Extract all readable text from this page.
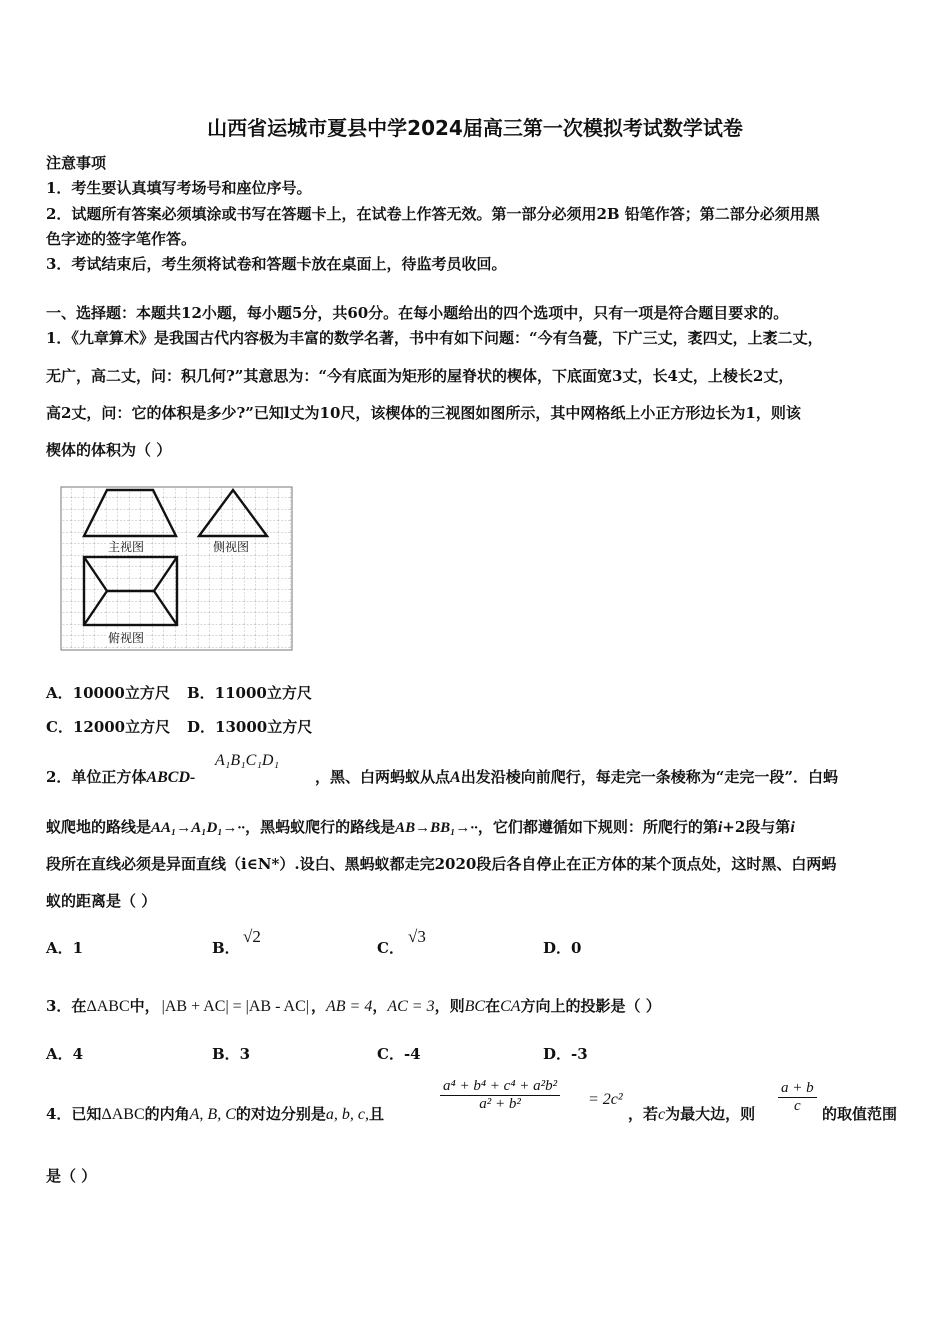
山西省运城市夏县中学2024届高三第一次模拟考试数学试卷
注意事项
1．考生要认真填写考场号和座位序号。
2．试题所有答案必须填涂或书写在答题卡上，在试卷上作答无效。第一部分必须用2B 铅笔作答；第二部分必须用黑
色字迹的签字笔作答。
3．考试结束后，考生须将试卷和答题卡放在桌面上，待监考员收回。
一、选择题：本题共12小题，每小题5分，共60分。在每小题给出的四个选项中，只有一项是符合题目要求的。
1．《九章算术》是我国古代内容极为丰富的数学名著，书中有如下问题：“今有刍甍，下广三丈，袤四丈，上袤二丈，
无广，高二丈，问：积几何?”其意思为：“今有底面为矩形的屋脊状的楔体，下底面宽3丈，长4丈，上棱长2丈，
高2丈，问：它的体积是多少?”已知l丈为10尺，该楔体的三视图如图所示，其中网格纸上小正方形边长为1，则该
楔体的体积为（ ）
主视图	侧视图
俯视图
A．10000立方尺 B．11000立方尺
C．12000立方尺 D．13000立方尺
2．单位正方体ABCD-
A₁B₁C₁D₁
，黑、白两蚂蚁从点A出发沿棱向前爬行，每走完一条棱称为“走完一段”．白蚂
蚁爬地的路线是AA₁→A₁D₁→··，黑蚂蚁爬行的路线是AB→BB₁→··，它们都遵循如下规则：所爬行的第i+2段与第i
段所在直线必须是异面直线（i∈N*）.设白、黑蚂蚁都走完2020段后各自停止在正方体的某个顶点处，这时黑、白两蚂
蚁的距离是（ ）
A．1	B．
√2
C．
√3
D．0
3．在ΔABC中， |AB + AC| = |AB - AC| ，AB = 4，AC = 3，则BC在CA方向上的投影是（ ）
A．4	B．3	C．-4	D．-3
4．已知ΔABC的内角A, B, C的对边分别是a, b, c,且
$\frac{\text{a⁴ + b⁴ + c⁴ + a²b²}}{\text{a² + b²}} = 2c^2$
，若c为最大边，则 $\frac{a + b}{c}$ 的取值范围
是（ ）
